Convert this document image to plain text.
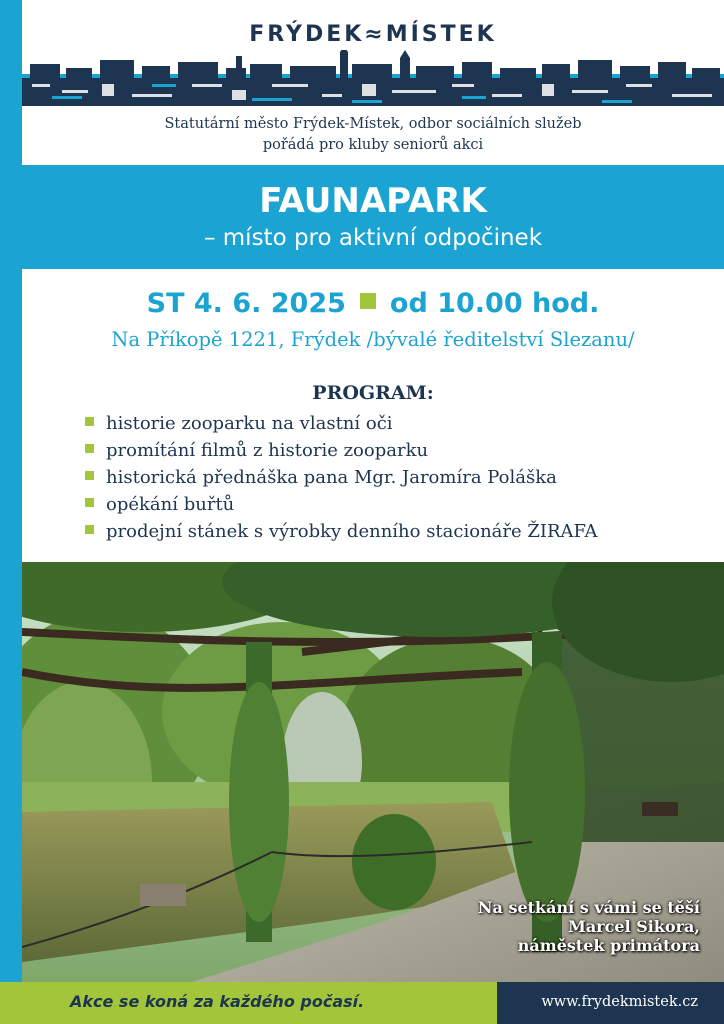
FRÝDEK≈MÍSTEK
Statutární město Frýdek-Místek, odbor sociálních služeb
pořádá pro kluby seniorů akci
FAUNAPARK
– místo pro aktivní odpočinek
ST 4. 6. 2025 od 10.00 hod.
Na Příkopě 1221, Frýdek /bývalé ředitelství Slezanu/
PROGRAM:
historie zooparku na vlastní oči
promítání filmů z historie zooparku
historická přednáška pana Mgr. Jaromíra Poláška
opékání buřtů
prodejní stánek s výrobky denního stacionáře ŽIRAFA
Na setkání s vámi se těší
Marcel Sikora,
náměstek primátora
Akce se koná za každého počasí.	www.frydekmistek.cz
